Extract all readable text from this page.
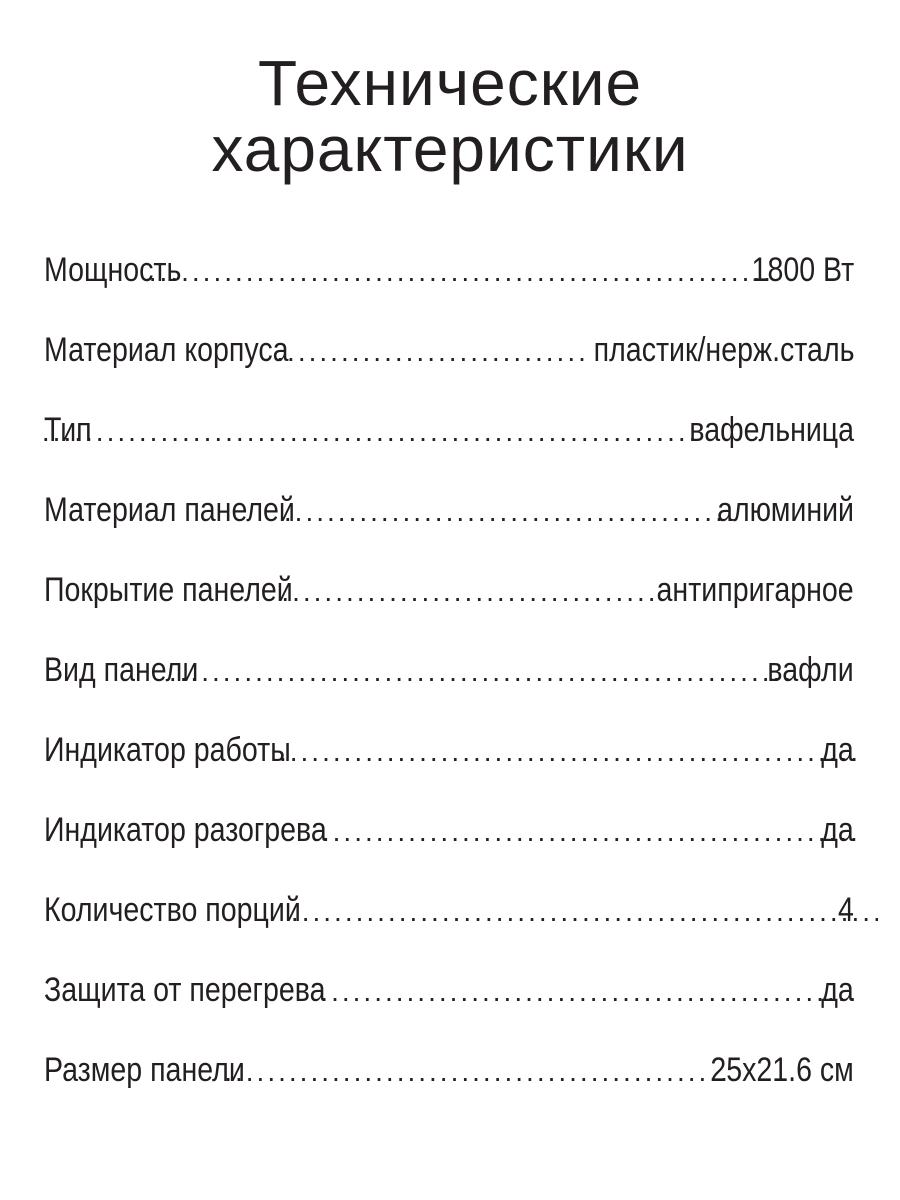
Технические
характеристики
Мощность .....	1800 Вт
Материал корпуса .....	пластик/нерж.сталь
Тип .....	вафельница
Материал панелей .....	алюминий
Покрытие панелей .....	антипригарное
Вид панели .....	вафли
Индикатор работы .....	да
Индикатор разогрева .....	да
Количество порций .....	4
Защита от перегрева .....	да
Размер панели .....	25х21.6 см
